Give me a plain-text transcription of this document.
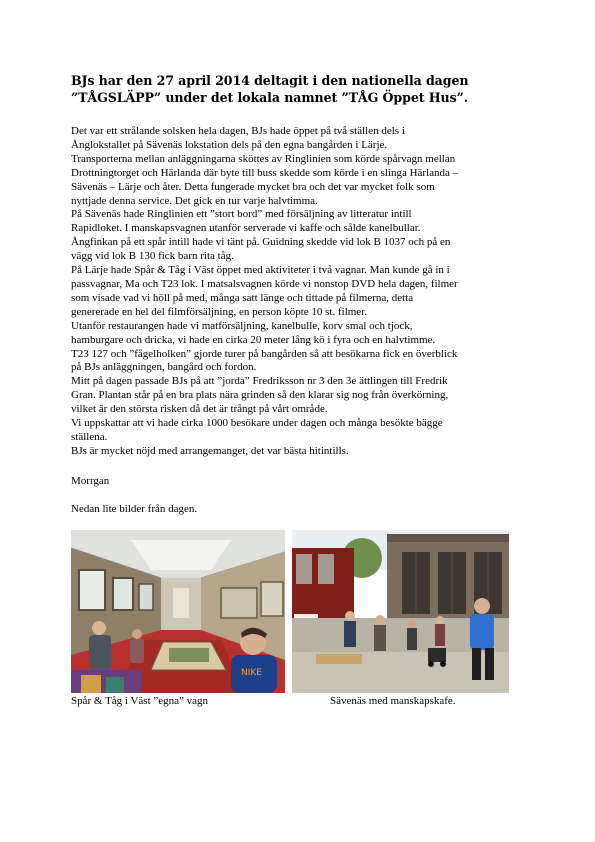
BJs har den 27 april 2014 deltagit i den nationella dagen
”TÅGSLÄPP” under det lokala namnet ”TÅG Öppet Hus”.

Det var ett strålande solsken hela dagen, BJs hade öppet på två ställen dels i

Ånglokstallet på Sävenäs lokstation dels på den egna bangården i Lärje.

Transporterna mellan anläggningarna sköttes av Ringlinien som körde spårvagn mellan

Drottningtorget och Härlanda där byte till buss skedde som körde i en slinga Härlanda –

Sävenäs – Lärje och åter. Detta fungerade mycket bra och det var mycket folk som

nyttjade denna service. Det gick en tur varje halvtimma.

På Sävenäs hade Ringlinien ett ”stort bord” med försäljning av litteratur intill

Rapidloket. I manskapsvagnen utanför serverade vi kaffe och sålde kanelbullar.

Ångfinkan på ett spår intill hade vi tänt på. Guidning skedde vid lok B 1037 och på en

vägg vid lok B 130 fick barn rita tåg.

På Lärje hade Spår & Tåg i Väst öppet med aktiviteter i två vagnar. Man kunde gå in i

passvagnar, Ma och T23 lok. I matsalsvagnen körde vi nonstop DVD hela dagen, filmer

som visade vad vi höll på med, många satt länge och tittade på filmerna, detta

genererade en hel del filmförsäljning, en person köpte 10 st. filmer.

Utanför restaurangen hade vi matförsäljning, kanelbulle, korv smal och tjock,

hamburgare och dricka, vi hade en cirka 20 meter lång kö i fyra och en halvtimme.

T23 127 och ”fågelholken” gjorde turer på bangården så att besökarna fick en överblick

på BJs anläggningen, bangård och fordon.

Mitt på dagen passade BJs på att ”jorda” Fredriksson nr 3 den 3e ättlingen till Fredrik

Gran. Plantan står på en bra plats nära grinden så den klarar sig nog från överkörning,

vilket är den största risken då det är trångt på vårt område.

Vi uppskattar att vi hade cirka 1000 besökare under dagen och många besökte bägge

ställena.

BJs är mycket nöjd med arrangemanget, det var bästa hitintills.

Morrgan
Nedan lite bilder från dagen.
NIKE
Spår & Tåg i Väst ”egna” vagn	Sävenäs med manskapskafe.
